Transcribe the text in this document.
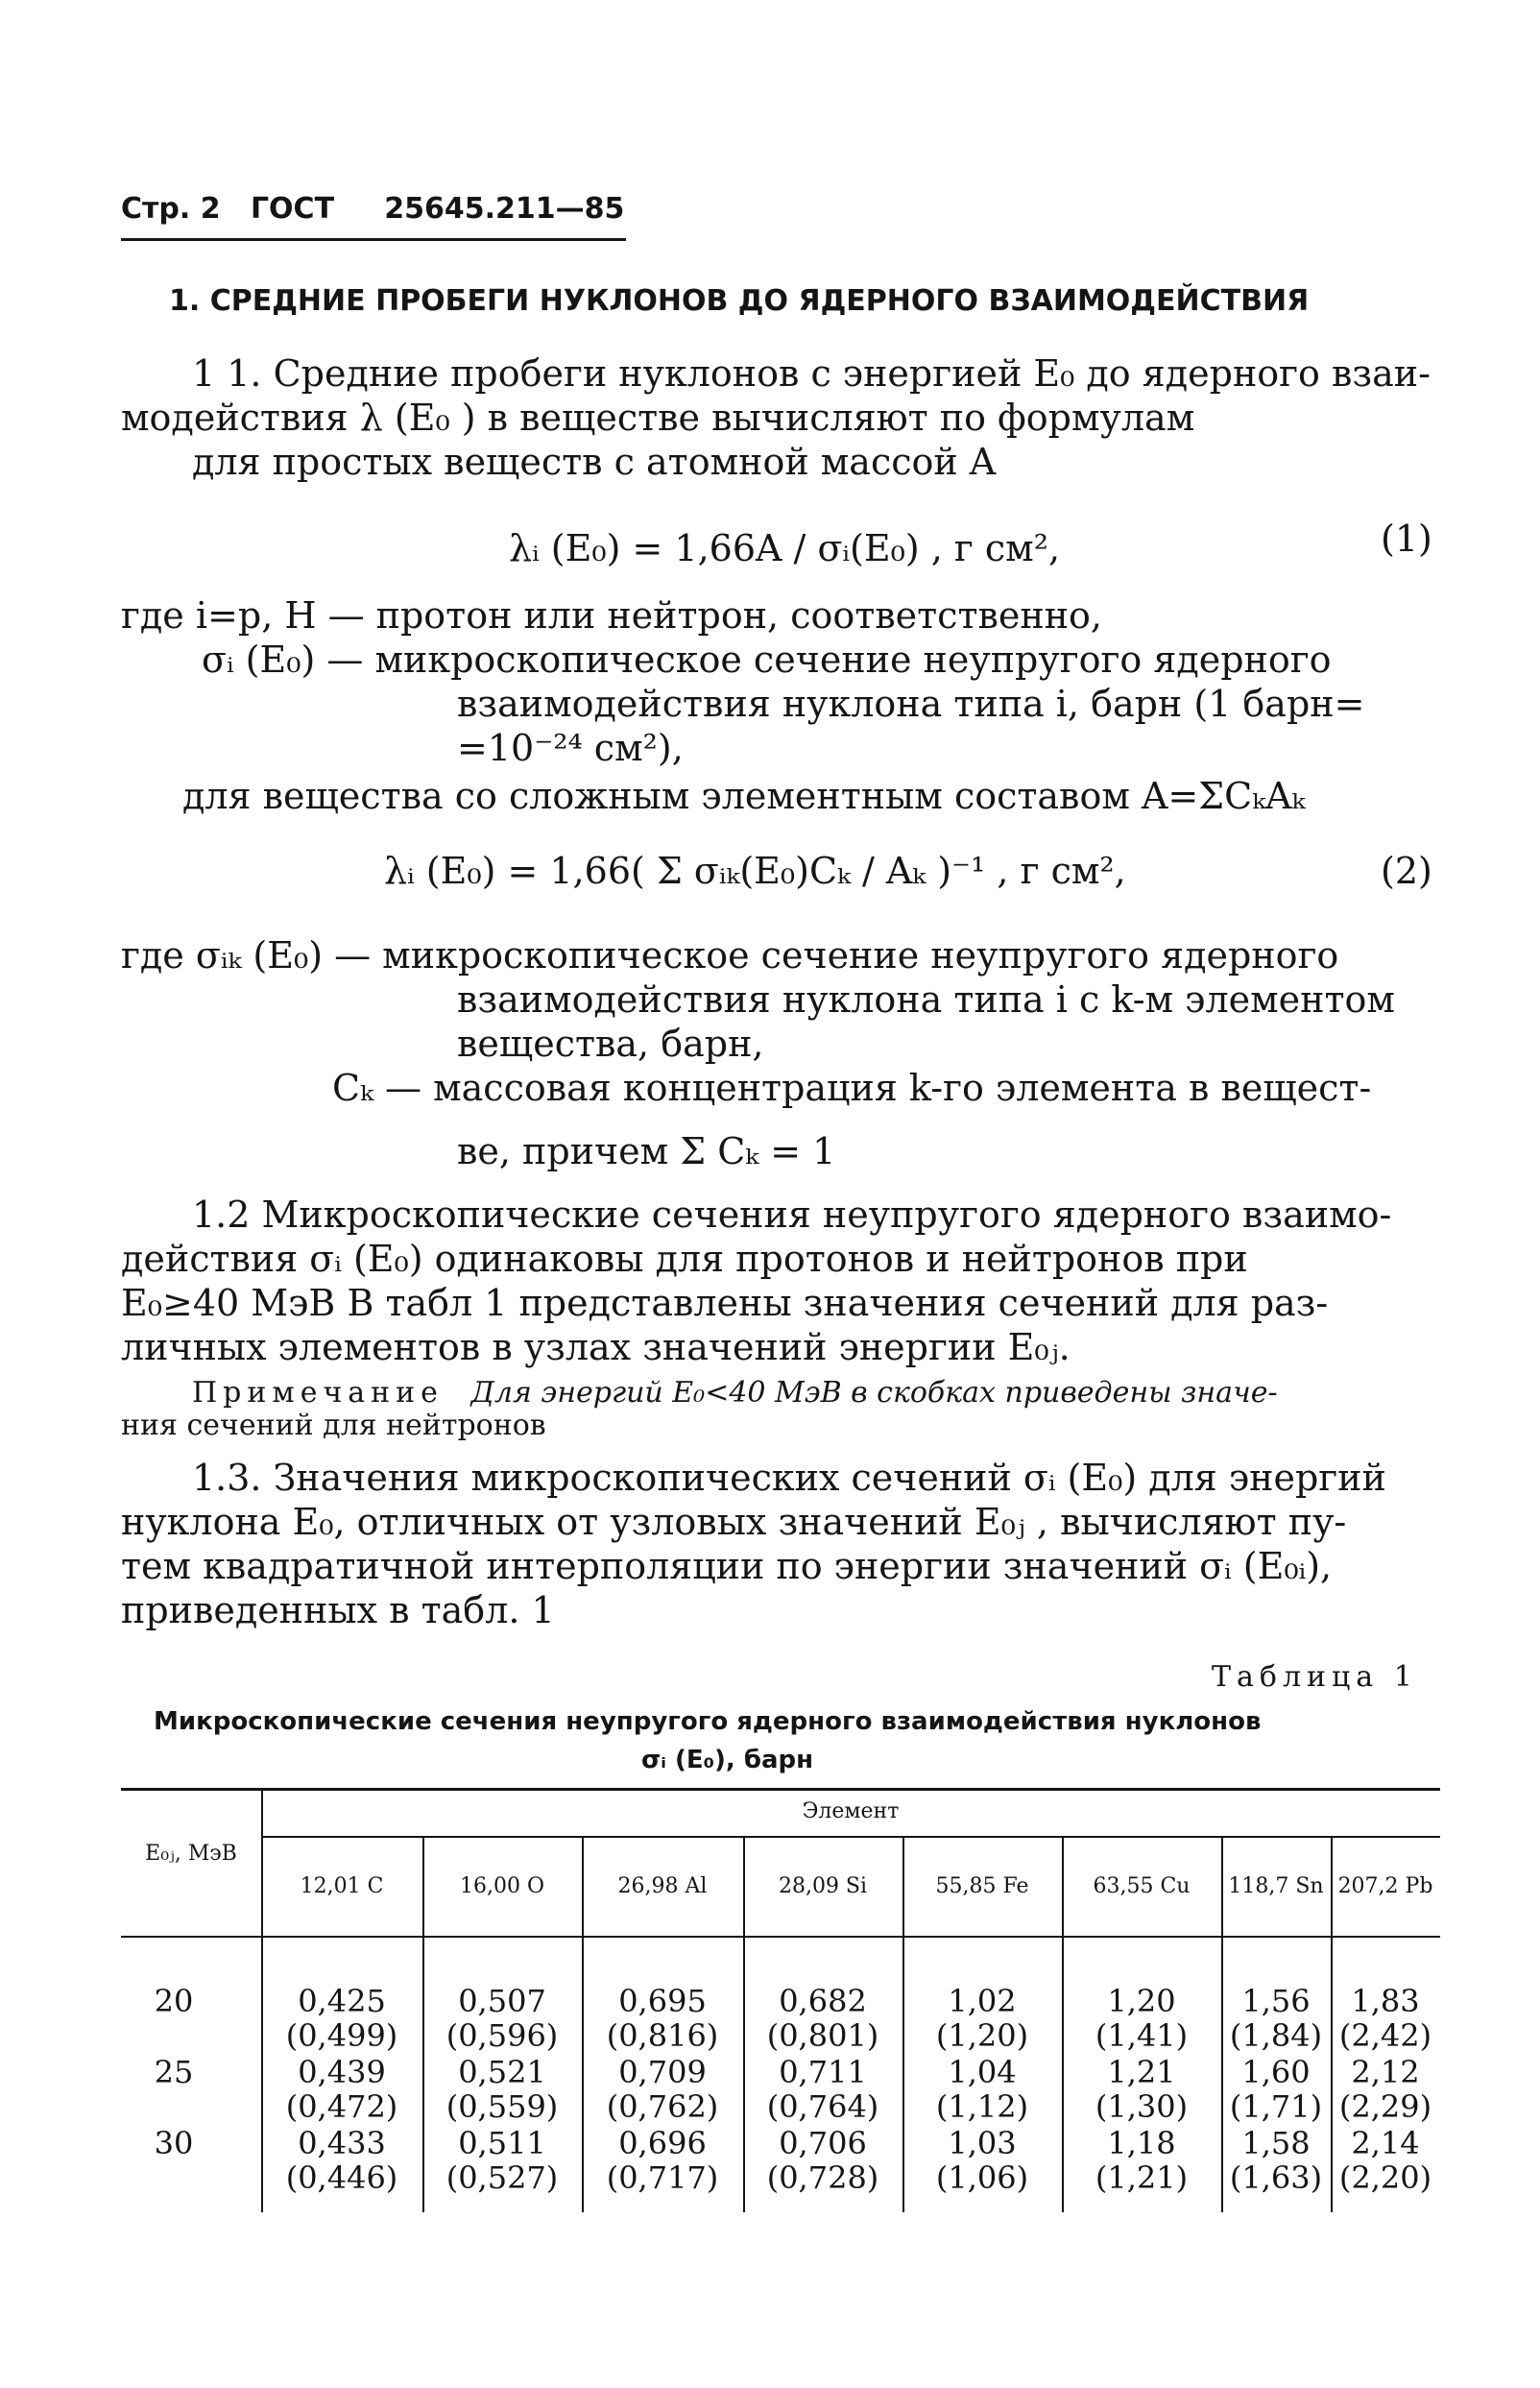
Стр. 2 ГОСТ 25645.211—85
1. СРЕДНИЕ ПРОБЕГИ НУКЛОНОВ ДО ЯДЕРНОГО ВЗАИМОДЕЙСТВИЯ
1 1. Средние пробеги нуклонов с энергией E₀ до ядерного взаи-
модействия λ (E₀ ) в веществе вычисляют по формулам
для простых веществ с атомной массой A
λᵢ (E₀) = 1,66A / σᵢ(E₀) , г см²,	(1)
где i=p, H — протон или нейтрон, соответственно,
σᵢ (E₀) — микроскопическое сечение неупругого ядерного
взаимодействия нуклона типа i, барн (1 барн=
=10⁻²⁴ см²),
для вещества со сложным элементным составом A=ΣCₖAₖ
λᵢ (E₀) = 1,66( Σ σᵢₖ(E₀)Cₖ / Aₖ )⁻¹ , г см²,	(2)
где σᵢₖ (E₀) — микроскопическое сечение неупругого ядерного
взаимодействия нуклона типа i с k-м элементом
вещества, барн,
Cₖ — массовая концентрация k-го элемента в вещест-
ве, причем Σ Cₖ = 1
1.2 Микроскопические сечения неупругого ядерного взаимо-
действия σᵢ (E₀) одинаковы для протонов и нейтронов при
E₀≥40 МэВ В табл 1 представлены значения сечений для раз-
личных элементов в узлах значений энергии E₀ⱼ.
Примечание Для энергий E₀<40 МэВ в скобках приведены значе-
ния сечений для нейтронов
1.3. Значения микроскопических сечений σᵢ (E₀) для энергий
нуклона E₀, отличных от узловых значений E₀ⱼ , вычисляют пу-
тем квадратичной интерполяции по энергии значений σᵢ (E₀ᵢ),
приведенных в табл. 1
Таблица 1
Микроскопические сечения неупругого ядерного взаимодействия нуклонов
σᵢ (E₀), барн
E₀ⱼ, МэВ
Элемент
12,01 C	16,00 O	26,98 Al	28,09 Si	55,85 Fe	63,55 Cu	118,7 Sn 207,2 Pb
20	0,425	0,507	0,695	0,682	1,02	1,20	1,56	1,83
(0,499)	(0,596)	(0,816)	(0,801)	(1,20)	(1,41)	(1,84) (2,42)
25	0,439	0,521	0,709	0,711	1,04	1,21	1,60	2,12
(0,472)	(0,559)	(0,762)	(0,764)	(1,12)	(1,30)	(1,71) (2,29)
30	0,433	0,511	0,696	0,706	1,03	1,18	1,58	2,14
(0,446)	(0,527)	(0,717)	(0,728)	(1,06)	(1,21)	(1,63) (2,20)
